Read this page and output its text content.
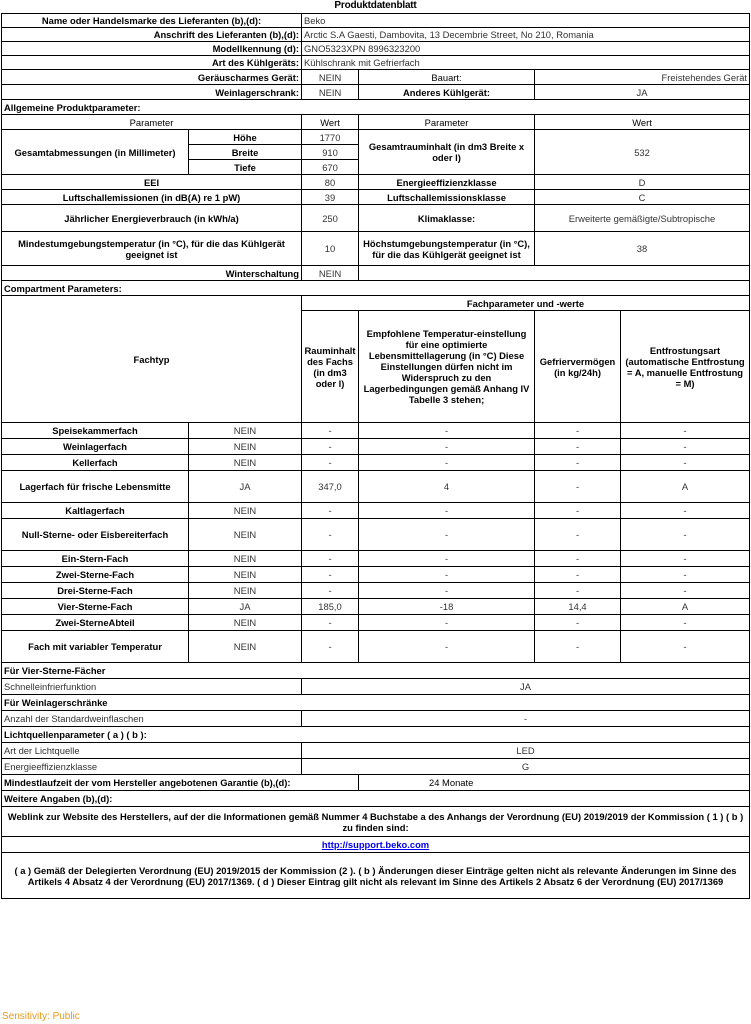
Produktdatenblatt
Name oder Handelsmarke des Lieferanten (b),(d):		Beko			
Anschrift des Lieferanten (b),(d):		Arctic S.A Gaesti, Dambovita, 13 Decembrie Street, No 210, Romania			
Modellkennung (d):		GNO5323XPN 8996323200			
Art des Kühlgeräts:		Kühlschrank mit Gefrierfach			
Geräuscharmes Gerät:		NEIN	Bauart:	Freistehendes Gerät	
Weinlagerschrank:		NEIN	Anderes Kühlgerät:	JA	
Allgemeine Produktparameter:					
Parameter		Wert	Parameter	Wert	
Gesamtabmessungen (in Millimeter)	Höhe	1770	Gesamtrauminhalt (in dm3 Breite x oder l)	532	
	Breite	910			
	Tiefe	670			
EEI		80	Energieeffizienzklasse	D	
Luftschallemissionen (in dB(A) re 1 pW)		39	Luftschallemissionsklasse	C	
Jährlicher Energieverbrauch (in kWh/a)		250	Klimaklasse:	Erweiterte gemäßigte/Subtropische	
Mindestumgebungstemperatur (in °C), für die das Kühlgerät geeignet ist		10	Höchstumgebungstemperatur (in °C), für die das Kühlgerät geeignet ist	38	
Winterschaltung		NEIN			
Compartment Parameters:					
Fachtyp		Fachparameter und -werte			
		Rauminhalt des Fachs (in dm3 oder l)	Empfohlene Temperatur-einstellung für eine optimierte Lebensmittellagerung (in °C) Diese Einstellungen dürfen nicht im Widerspruch zu den Lagerbedingungen gemäß Anhang IV Tabelle 3 stehen;	Gefriervermögen (in kg/24h)	Entfrostungsart (automatische Entfrostung = A, manuelle Entfrostung = M)
Speisekammerfach	NEIN	-	-	-	-
Weinlagerfach	NEIN	-	-	-	-
Kellerfach	NEIN	-	-	-	-
Lagerfach für frische Lebensmitte	JA	347,0	4	-	A
Kaltlagerfach	NEIN	-	-	-	-
Null-Sterne- oder Eisbereiterfach	NEIN	-	-	-	-
Ein-Stern-Fach	NEIN	-	-	-	-
Zwei-Sterne-Fach	NEIN	-	-	-	-
Drei-Sterne-Fach	NEIN	-	-	-	-
Vier-Sterne-Fach	JA	185,0	-18	14,4	A
Zwei-SterneAbteil	NEIN	-	-	-	-
Fach mit variabler Temperatur	NEIN	-	-	-	-
Für Vier-Sterne-Fächer					
Schnelleinfrierfunktion		JA			
Für Weinlagerschränke					
Anzahl der Standardweinflaschen		-			
Lichtquellenparameter ( a ) ( b ):					
Art der Lichtquelle		LED			
Energieeffizienzklasse		G			
Mindestlaufzeit der vom Hersteller angebotenen Garantie (b),(d):			24 Monate		
Weitere Angaben (b),(d):					
Weblink zur Website des Herstellers, auf der die Informationen gemäß Nummer 4 Buchstabe a des Anhangs der Verordnung (EU) 2019/2019 der Kommission ( 1 ) ( b ) zu finden sind:					
http://support.beko.com					
( a ) Gemäß der Delegierten Verordnung (EU) 2019/2015 der Kommission (2 ). ( b ) Änderungen dieser Einträge gelten nicht als relevante Änderungen im Sinne des Artikels 4 Absatz 4 der Verordnung (EU) 2017/1369. ( d ) Dieser Eintrag gilt nicht als relevant im Sinne des Artikels 2 Absatz 6 der Verordnung (EU) 2017/1369					
Sensitivity: Public
